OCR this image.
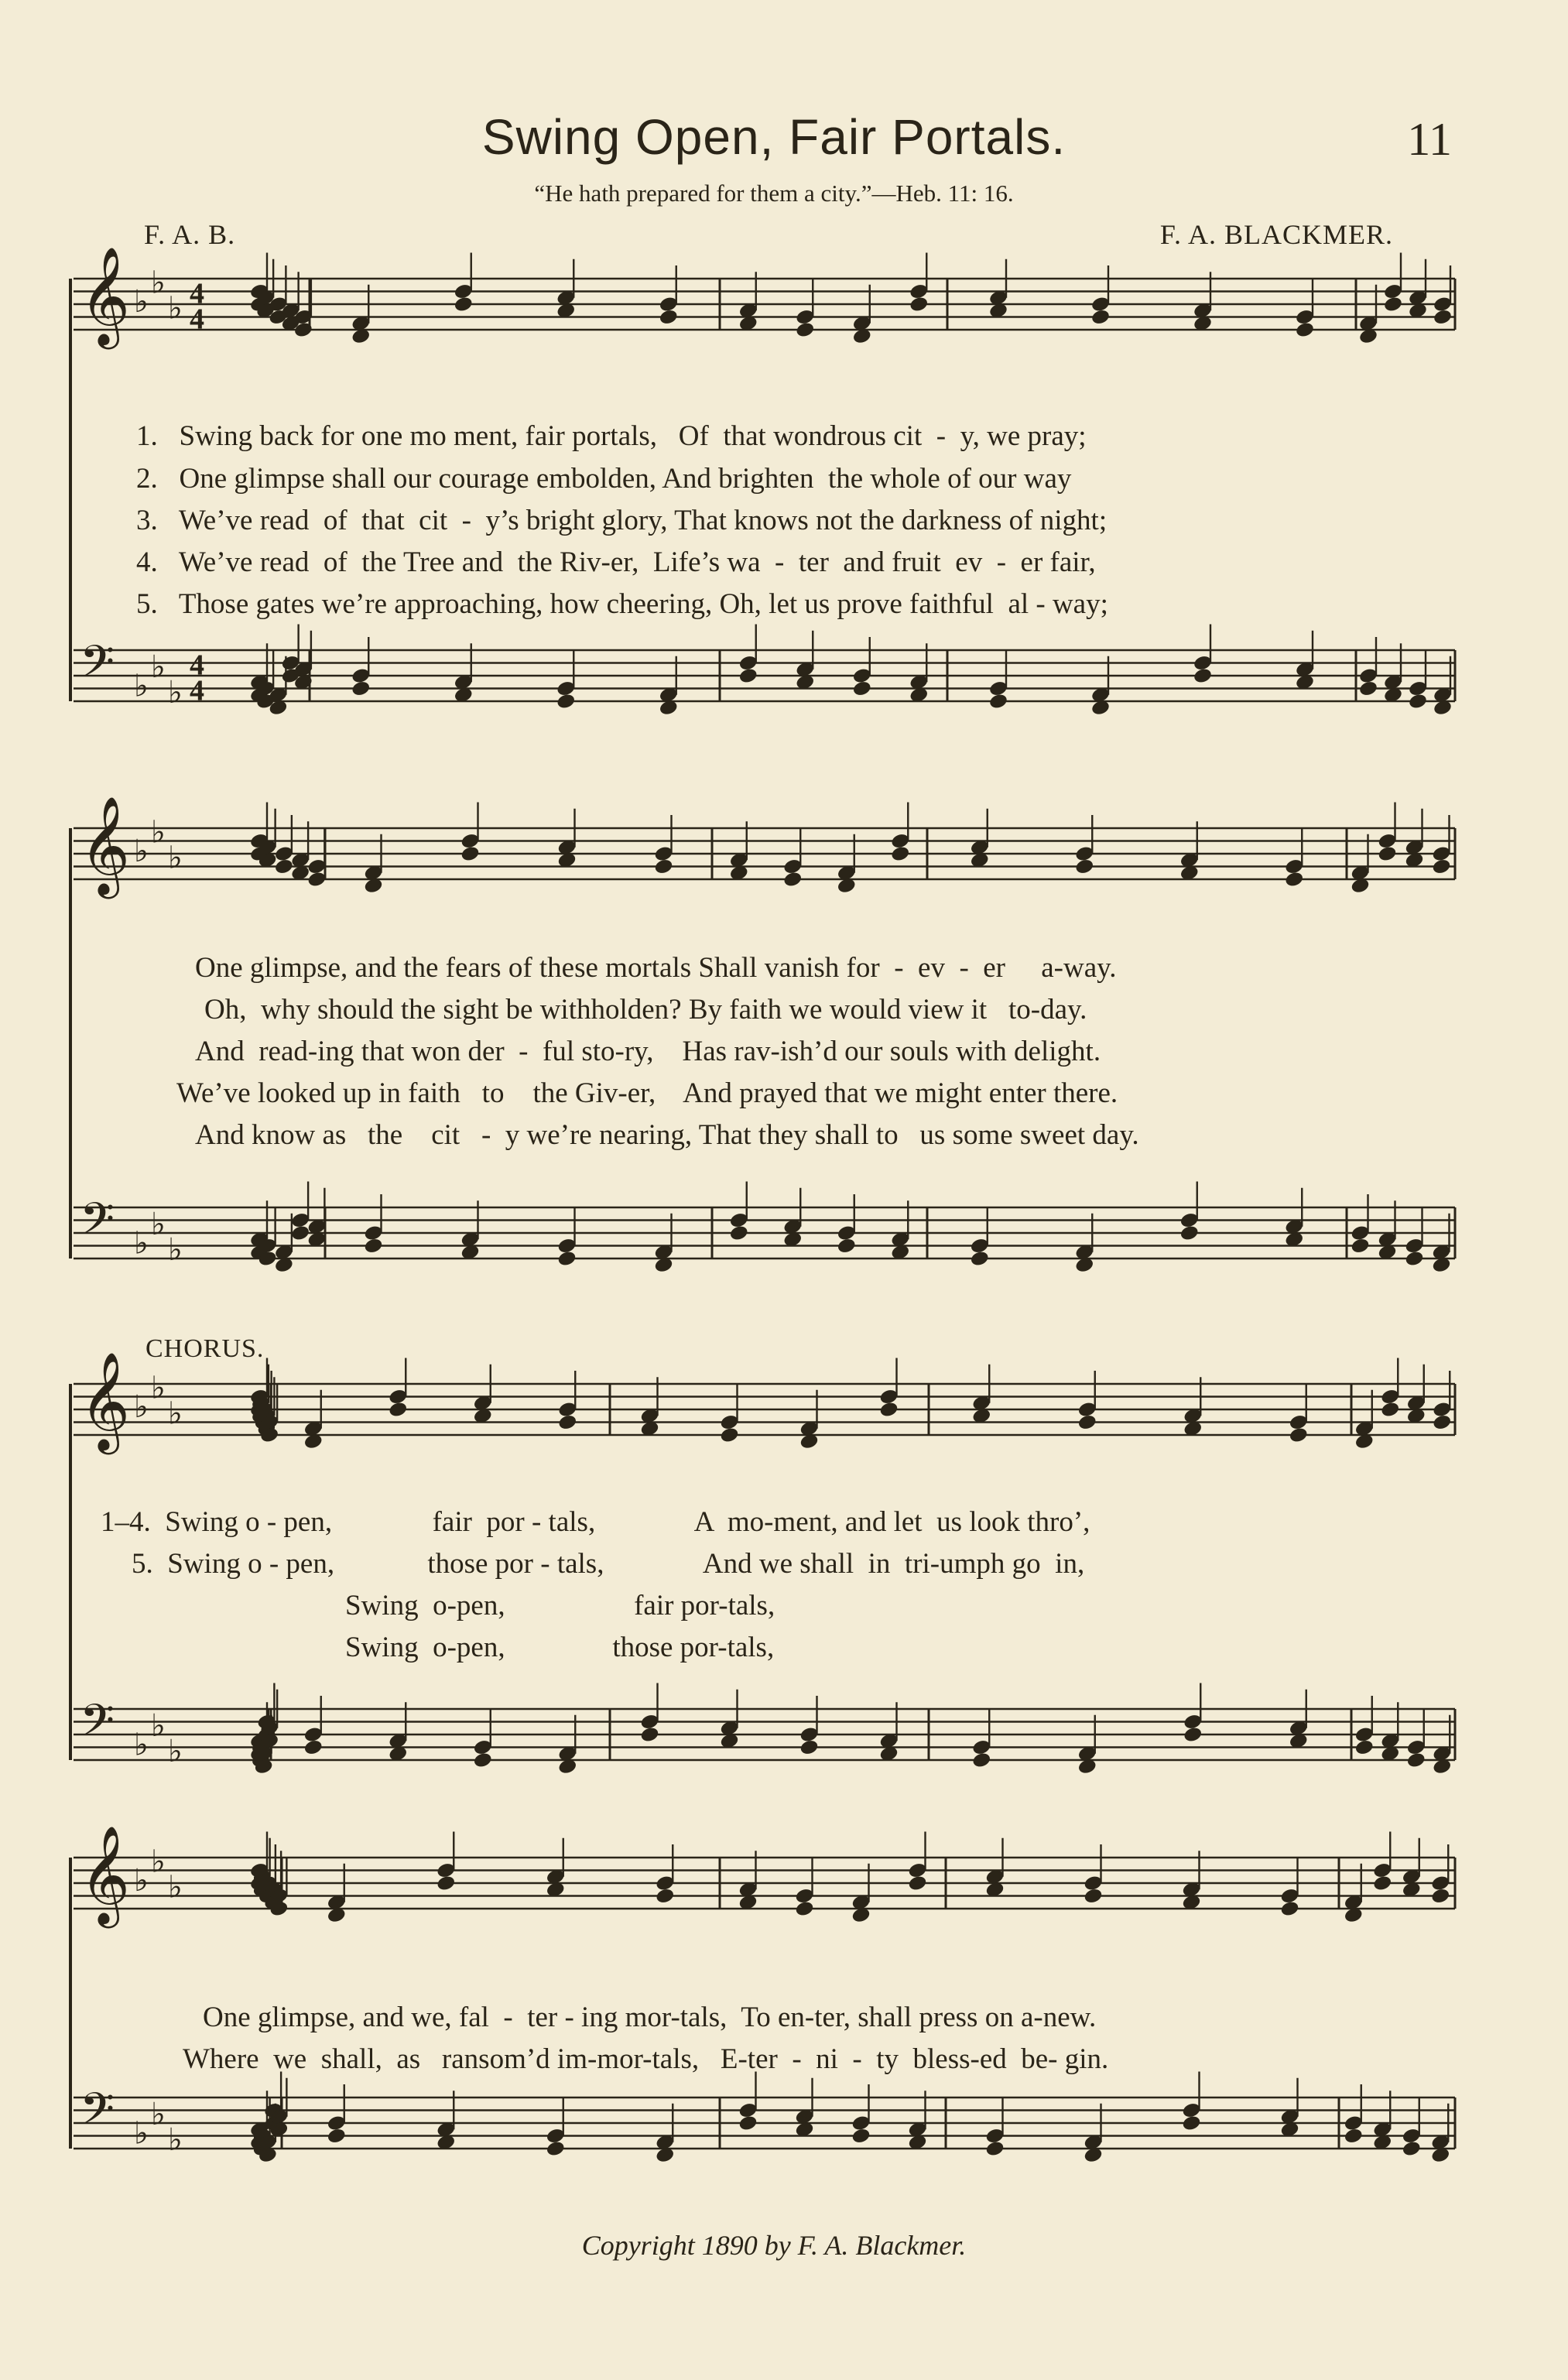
Swing Open, Fair Portals.	11
“He hath prepared for them a city.”—Heb. 11: 16.
F. A. B.	F. A. BLACKMER.
𝄞 ♭
♭
♭ 4
4
𝄢 ♭
♭
♭
4
4
1.   Swing back for one mo ment, fair portals,   Of  that wondrous cit  -  y, we pray;
2.   One glimpse shall our courage embolden, And brighten  the whole of our way
3.   We’ve read  of  that  cit  -  y’s bright glory, That knows not the darkness of night;
4.   We’ve read  of  the Tree and  the Riv-er,  Life’s wa  -  ter  and fruit  ev  -  er fair,
5.   Those gates we’re approaching, how cheering, Oh, let us prove faithful  al - way;
𝄞 ♭
♭
♭
𝄢 ♭
♭
♭
One glimpse, and the fears of these mortals Shall vanish for  -  ev  -  er     a-way.
Oh,  why should the sight be withholden? By faith we would view it   to-day.
And  read-ing that won der  -  ful sto-ry,    Has rav-ish’d our souls with delight.
We’ve looked up in faith   to    the Giv-er,    And prayed that we might enter there.
And know as   the    cit   -  y we’re nearing, That they shall to   us some sweet day.
CHORUS.
𝄞 ♭
♭
♭
𝄢 ♭
♭
♭
1–4.  Swing o - pen,              fair  por - tals,              A  mo-ment, and let  us look thro’,
5.  Swing o - pen,             those por - tals,              And we shall  in  tri-umph go  in,
Swing  o-pen,                  fair por-tals,
Swing  o-pen,               those por-tals,
𝄞 ♭
♭
♭
𝄢 ♭
♭
♭
One glimpse, and we, fal  -  ter - ing mor-tals,  To en-ter, shall press on a-new.
Where  we  shall,  as   ransom’d im-mor-tals,   E-ter  -  ni  -  ty  bless-ed  be- gin.
Copyright 1890 by F. A. Blackmer.
